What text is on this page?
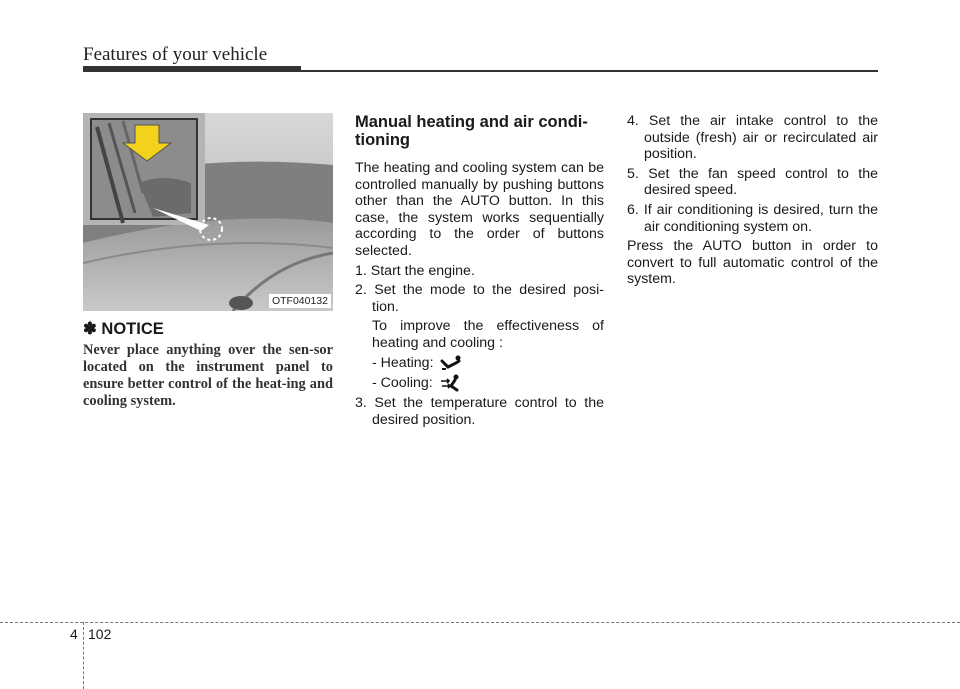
Features of your vehicle
OTF040132
✽ NOTICE
Never place anything over the sen-sor located on the instrument panel to ensure better control of the heat-ing and cooling system.
Manual heating and air condi-tioning

The heating and cooling system can be controlled manually by pushing buttons other than the AUTO button. In this case, the system works sequentially according to the order of buttons selected.

1. Start the engine.

2. Set the mode to the desired posi-tion.

To improve the effectiveness of heating and cooling :

- Heating:
- Cooling:

3. Set the temperature control to the desired position.

4. Set the air intake control to the outside (fresh) air or recirculated air position.

5. Set the fan speed control to the desired speed.

6. If air conditioning is desired, turn the air conditioning system on.

Press the AUTO button in order to convert to full automatic control of the system.

4 102
